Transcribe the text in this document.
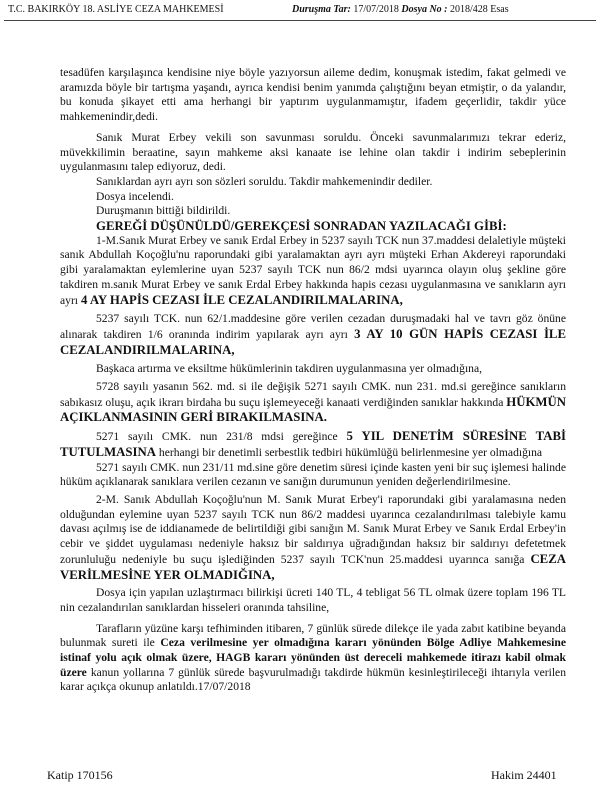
T.C. BAKIRKÖY 18. ASLİYE CEZA MAHKEMESİ	Duruşma Tar: 17/07/2018 Dosya No : 2018/428 Esas

tesadüfen karşılaşınca kendisine niye böyle yazıyorsun aileme dedim, konuşmak istedim, fakat gelmedi ve aramızda böyle bir tartışma yaşandı, ayrıca kendisi benim yanımda çalıştığını beyan etmiştir, o da yalandır, bu konuda şikayet etti ama herhangi bir yaptırım uygulanmamıştır, ifadem geçerlidir, takdir yüce mahkemenindir,dedi.

Sanık Murat Erbey vekili son savunması soruldu. Önceki savunmalarımızı tekrar ederiz, müvekkilimin beraatine, sayın mahkeme aksi kanaate ise lehine olan takdir i indirim sebeplerinin uygulanmasını talep ediyoruz, dedi.

Sanıklardan ayrı ayrı son sözleri soruldu. Takdir mahkemenindir dediler.

Dosya incelendi.

Duruşmanın bittiği bildirildi.

GEREĞİ DÜŞÜNÜLDÜ/GEREKÇESİ SONRADAN YAZILACAĞI GİBİ:

1-M.Sanık Murat Erbey ve sanık Erdal Erbey in 5237 sayılı TCK nun 37.maddesi delaletiyle müşteki sanık Abdullah Koçoğlu'nu raporundaki gibi yaralamaktan ayrı ayrı müşteki Erhan Akdereyi raporundaki gibi yaralamaktan eylemlerine uyan 5237 sayılı TCK nun 86/2 mdsi uyarınca olayın oluş şekline göre takdiren m.sanık Murat Erbey ve sanık Erdal Erbey hakkında hapis cezası uygulanmasına ve sanıkların ayrı ayrı 4 AY HAPİS CEZASI İLE CEZALANDIRILMALARINA,

5237 sayılı TCK. nun 62/1.maddesine göre verilen cezadan duruşmadaki hal ve tavrı göz önüne alınarak takdiren 1/6 oranında indirim yapılarak ayrı ayrı 3 AY 10 GÜN HAPİS CEZASI İLE CEZALANDIRILMALARINA,

Başkaca artırma ve eksiltme hükümlerinin takdiren uygulanmasına yer olmadığına,

5728 sayılı yasanın 562. md. si ile değişik 5271 sayılı CMK. nun 231. md.si gereğince sanıkların sabıkasız oluşu, açık ikrarı birdaha bu suçu işlemeyeceği kanaati verdiğinden sanıklar hakkında HÜKMÜN AÇIKLANMASININ GERİ BIRAKILMASINA.

5271 sayılı CMK. nun 231/8 mdsi gereğince 5 YIL DENETİM SÜRESİNE TABİ TUTULMASINA herhangi bir denetimli serbestlik tedbiri hükümlüğü belirlenmesine yer olmadığına

5271 sayılı CMK. nun 231/11 md.sine göre denetim süresi içinde kasten yeni bir suç işlemesi halinde hüküm açıklanarak sanıklara verilen cezanın ve sanığın durumunun yeniden değerlendirilmesine.

2-M. Sanık Abdullah Koçoğlu'nun M. Sanık Murat Erbey'i raporundaki gibi yaralamasına neden olduğundan eylemine uyan 5237 sayılı TCK nun 86/2 maddesi uyarınca cezalandırılması talebiyle kamu davası açılmış ise de iddianamede de belirtildiği gibi sanığın M. Sanık Murat Erbey ve Sanık Erdal Erbey'in cebir ve şiddet uygulaması nedeniyle haksız bir saldırıya uğradığından haksız bir saldırıyı defetetmek zorunluluğu nedeniyle bu suçu işlediğinden 5237 sayılı TCK'nun 25.maddesi uyarınca sanığa CEZA VERİLMESİNE YER OLMADIĞINA,

Dosya için yapılan uzlaştırmacı bilirkişi ücreti 140 TL, 4 tebligat 56 TL olmak üzere toplam 196 TL nin cezalandırılan sanıklardan hisseleri oranında tahsiline,

Tarafların yüzüne karşı tefhiminden itibaren, 7 günlük sürede dilekçe ile yada zabıt katibine beyanda bulunmak sureti ile Ceza verilmesine yer olmadığına kararı yönünden Bölge Adliye Mahkemesine istinaf yolu açık olmak üzere, HAGB kararı yönünden üst dereceli mahkemede itirazı kabil olmak üzere kanun yollarına 7 günlük sürede başvurulmadığı takdirde hükmün kesinleştirileceği ihtarıyla verilen karar açıkça okunup anlatıldı.17/07/2018

Katip 170156	Hakim 24401
